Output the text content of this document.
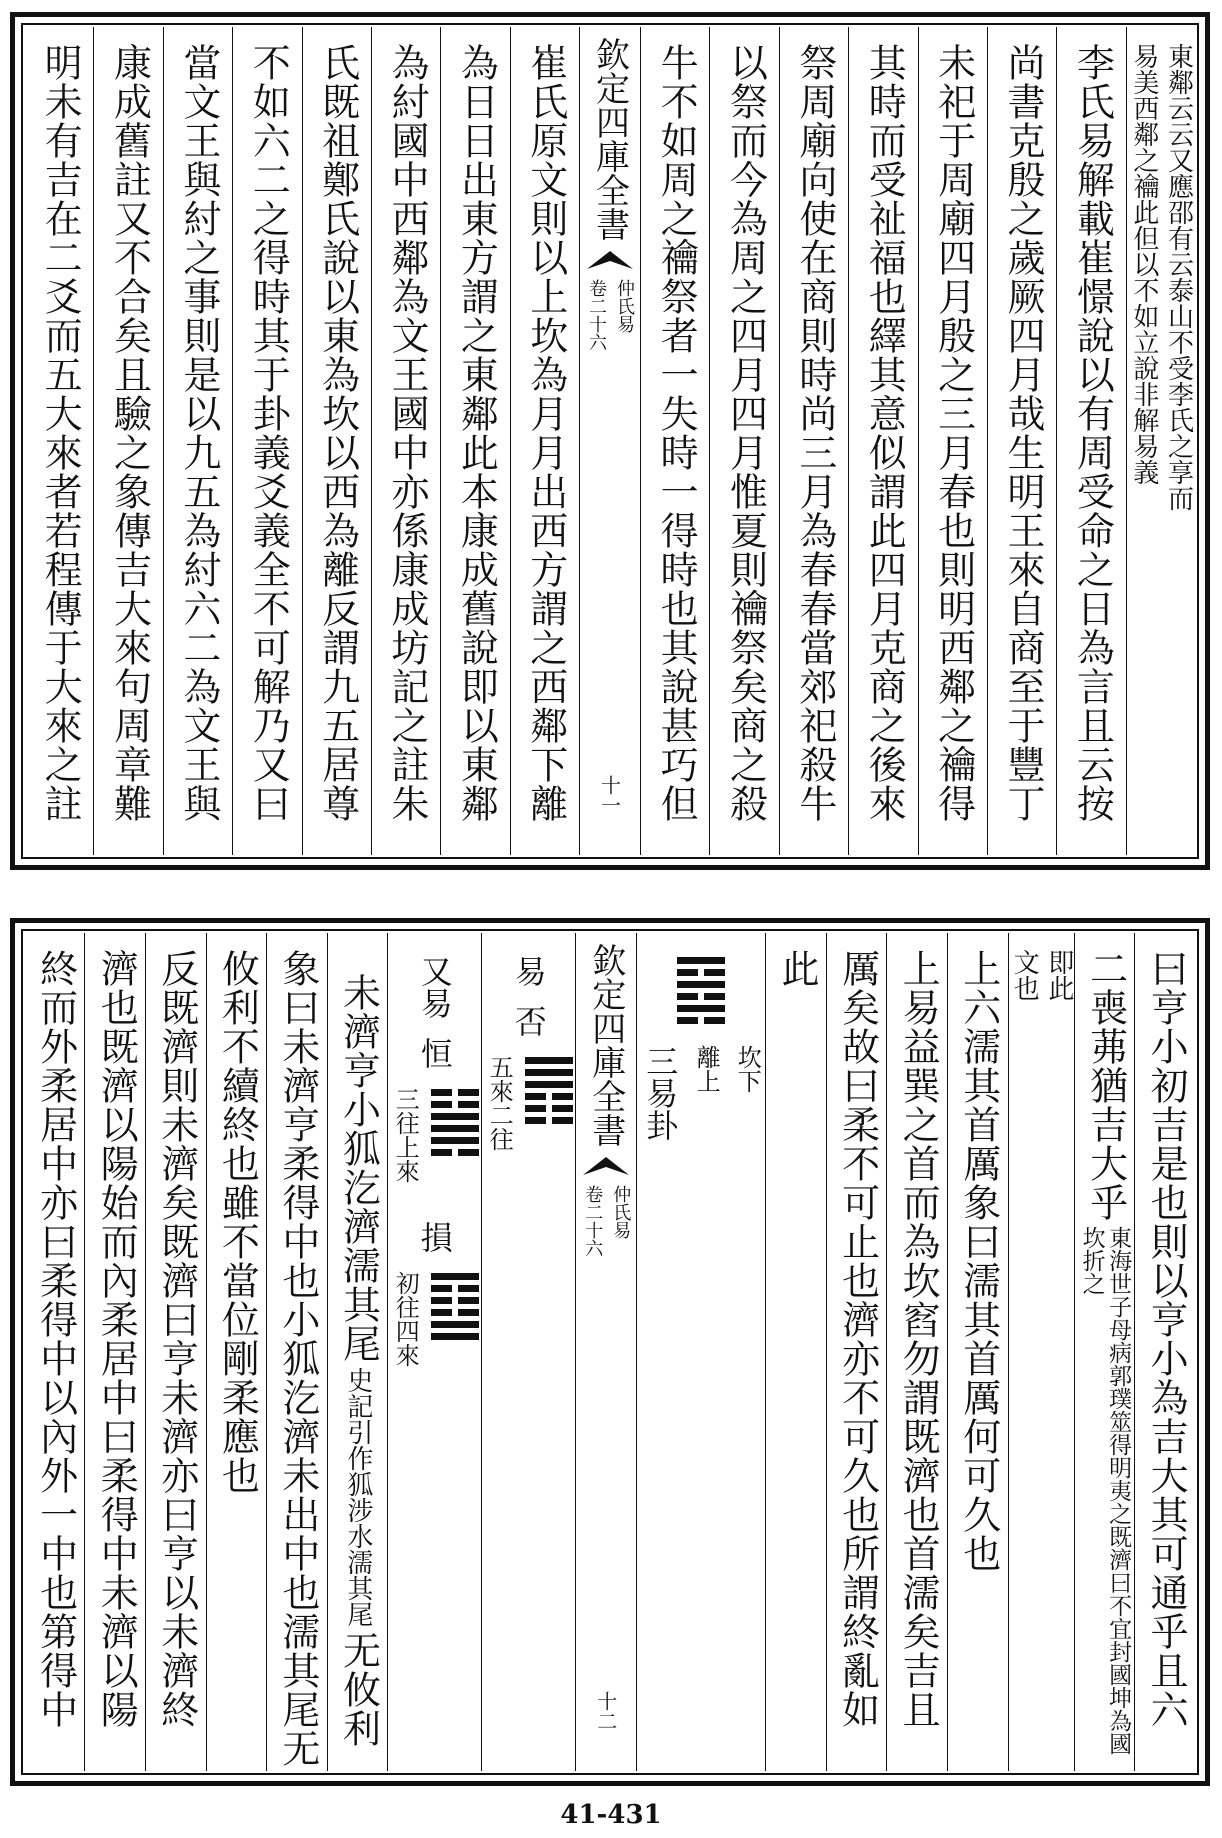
東鄰云云又應邵有云泰山不受李氏之享而
易美西鄰之禴此但以不如立說非解易義
李氏易解載崔憬說以有周受命之日為言且云按
尚書克殷之歲厥四月哉生明王來自商至于豐丁
未祀于周廟四月殷之三月春也則明西鄰之禴得
其時而受祉福也繹其意似謂此四月克商之後來
祭周廟向使在商則時尚三月為春春當郊祀殺牛
以祭而今為周之四月四月惟夏則禴祭矣商之殺
牛不如周之禴祭者一失時一得時也其說甚巧但
欽定四庫全書
仲氏易
卷二十六
十一
崔氏原文則以上坎為月月出西方謂之西鄰下離
為日日出東方謂之東鄰此本康成舊說即以東鄰
為紂國中西鄰為文王國中亦係康成坊記之註朱
氏既祖鄭氏說以東為坎以西為離反謂九五居尊
不如六二之得時其于卦義爻義全不可解乃又曰
當文王與紂之事則是以九五為紂六二為文王與
康成舊註又不合矣且驗之象傳吉大來句周章難
明未有吉在二爻而五大來者若程傳于大來之註
曰亨小初吉是也則以亨小為吉大其可通乎且六
二喪茀猶吉大乎
東海世子母病郭璞筮得明夷之既濟曰不宜封國坤為國坎折之
即此
文也
上六濡其首厲象曰濡其首厲何可久也
上易益巽之首而為坎窞勿謂既濟也首濡矣吉且
厲矣故曰柔不可止也濟亦不可久也所謂終亂如
此
坎下
離上
三易卦
欽定四庫全書
仲氏易
卷二十六
十二
易
否
五來二往
又易
恒
三往上來
損
初往四來
未濟亨小狐汔濟濡其尾
史記引作狐涉水濡其尾
无攸利
象曰未濟亨柔得中也小狐汔濟未出中也濡其尾无
攸利不續終也雖不當位剛柔應也
反既濟則未濟矣既濟曰亨未濟亦曰亨以未濟終
濟也既濟以陽始而內柔居中曰柔得中未濟以陽
終而外柔居中亦曰柔得中以內外一中也第得中
41-431
